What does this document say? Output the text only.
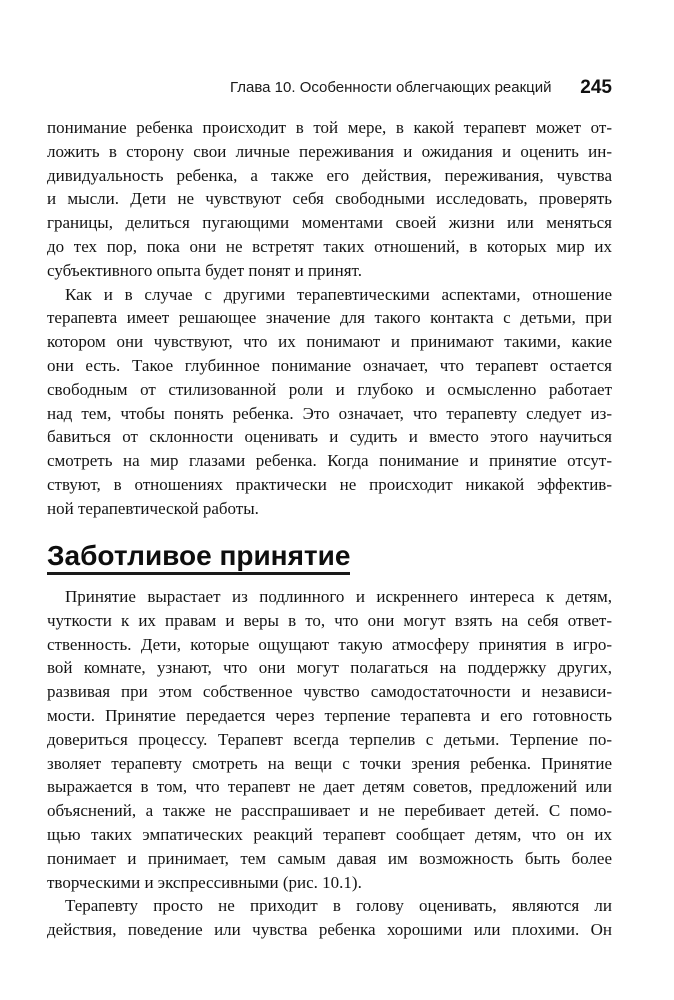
Глава 10. Особенности облегчающих реакций 245
понимание ребенка происходит в той мере, в какой терапевт может от-
ложить в сторону свои личные переживания и ожидания и оценить ин-
дивидуальность ребенка, а также его действия, переживания, чувства
и мысли. Дети не чувствуют себя свободными исследовать, проверять
границы, делиться пугающими моментами своей жизни или меняться
до тех пор, пока они не встретят таких отношений, в которых мир их
субъективного опыта будет понят и принят.
Как и в случае с другими терапевтическими аспектами, отношение
терапевта имеет решающее значение для такого контакта с детьми, при
котором они чувствуют, что их понимают и принимают такими, какие
они есть. Такое глубинное понимание означает, что терапевт остается
свободным от стилизованной роли и глубоко и осмысленно работает
над тем, чтобы понять ребенка. Это означает, что терапевту следует из-
бавиться от склонности оценивать и судить и вместо этого научиться
смотреть на мир глазами ребенка. Когда понимание и принятие отсут-
ствуют, в отношениях практически не происходит никакой эффектив-
ной терапевтической работы.
Заботливое принятие
Принятие вырастает из подлинного и искреннего интереса к детям,
чуткости к их правам и веры в то, что они могут взять на себя ответ-
ственность. Дети, которые ощущают такую атмосферу принятия в игро-
вой комнате, узнают, что они могут полагаться на поддержку других,
развивая при этом собственное чувство самодостаточности и независи-
мости. Принятие передается через терпение терапевта и его готовность
довериться процессу. Терапевт всегда терпелив с детьми. Терпение по-
зволяет терапевту смотреть на вещи с точки зрения ребенка. Принятие
выражается в том, что терапевт не дает детям советов, предложений или
объяснений, а также не расспрашивает и не перебивает детей. С помо-
щью таких эмпатических реакций терапевт сообщает детям, что он их
понимает и принимает, тем самым давая им возможность быть более
творческими и экспрессивными (рис. 10.1).
Терапевту просто не приходит в голову оценивать, являются ли
действия, поведение или чувства ребенка хорошими или плохими. Он
